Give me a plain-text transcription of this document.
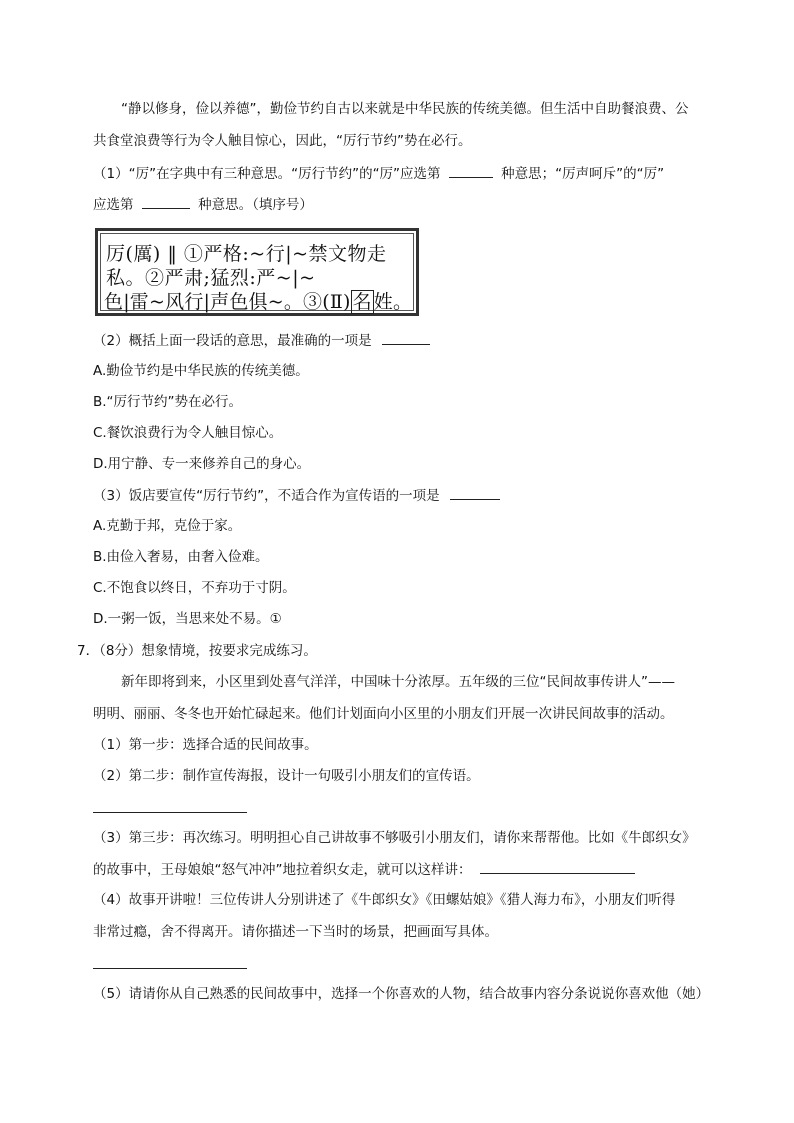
“静以修身，俭以养德”，勤俭节约自古以来就是中华民族的传统美德。但生活中自助餐浪费、公
共食堂浪费等行为令人触目惊心，因此，“厉行节约”势在必行。
（1）“厉”在字典中有三种意思。“厉行节约”的“厉”应选第	种意思；“厉声呵斥”的“厉”
应选第	种意思。（填序号）
厉(厲) ‖ ①严格:~行|~禁文物走
私。②严肃;猛烈:严~|~
色|雷~风行|声色俱~。③(Ⅱ) 名 姓。
（2）概括上面一段话的意思，最准确的一项是
A.勤俭节约是中华民族的传统美德。
B.“厉行节约”势在必行。
C.餐饮浪费行为令人触目惊心。
D.用宁静、专一来修养自己的身心。
（3）饭店要宣传“厉行节约”，不适合作为宣传语的一项是
A.克勤于邦，克俭于家。
B.由俭入奢易，由奢入俭难。
C.不饱食以终日，不弃功于寸阴。
D.一粥一饭，当思来处不易。①
7．（8分）想象情境，按要求完成练习。
新年即将到来，小区里到处喜气洋洋，中国味十分浓厚。五年级的三位“民间故事传讲人”——
明明、丽丽、冬冬也开始忙碌起来。他们计划面向小区里的小朋友们开展一次讲民间故事的活动。
（1）第一步：选择合适的民间故事。
（2）第二步：制作宣传海报，设计一句吸引小朋友们的宣传语。
（3）第三步：再次练习。明明担心自己讲故事不够吸引小朋友们，请你来帮帮他。比如《牛郎织女》
的故事中，王母娘娘“怒气冲冲”地拉着织女走，就可以这样讲：
（4）故事开讲啦！三位传讲人分别讲述了《牛郎织女》《田螺姑娘》《猎人海力布》，小朋友们听得
非常过瘾，舍不得离开。请你描述一下当时的场景，把画面写具体。
（5）请请你从自己熟悉的民间故事中，选择一个你喜欢的人物，结合故事内容分条说说你喜欢他（她）
